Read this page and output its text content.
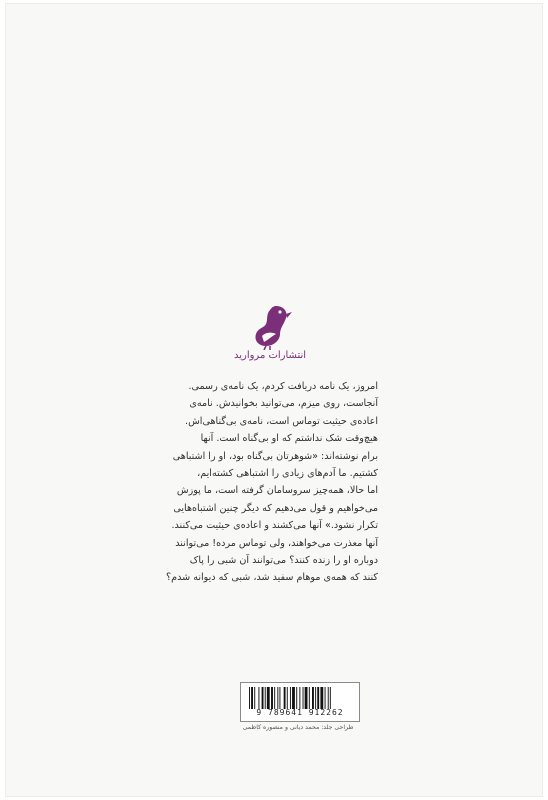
انتشارات مروارید

امروز، یک نامه دریافت کردم، یک نامه‌ی رسمی.

آنجاست، روی میزم، می‌توانید بخوانیدش. نامه‌ی

اعاده‌ی حیثیت توماس است، نامه‌ی بی‌گناهی‌اش.

هیچ‌وقت شک نداشتم که او بی‌گناه است. آنها

برام نوشته‌اند: «شوهرتان بی‌گناه بود، او را اشتباهی

کشتیم. ما آدم‌های زیادی را اشتباهی کشته‌ایم،

اما حالا، همه‌چیز سروسامان گرفته است، ما پوزش

می‌خواهیم و قول می‌دهیم که دیگر چنین اشتباه‌هایی

تکرار نشود.» آنها می‌کشند و اعاده‌ی حیثیت می‌کنند.

آنها معذرت می‌خواهند، ولی توماس مرده! می‌توانند

دوباره او را زنده کنند؟ می‌توانند آن شبی را پاک

کنند که همه‌ی موهام سفید شد، شبی که دیوانه شدم؟

9 789641 912262
طراحی جلد: محمد دیانی و منصوره کاظمی
